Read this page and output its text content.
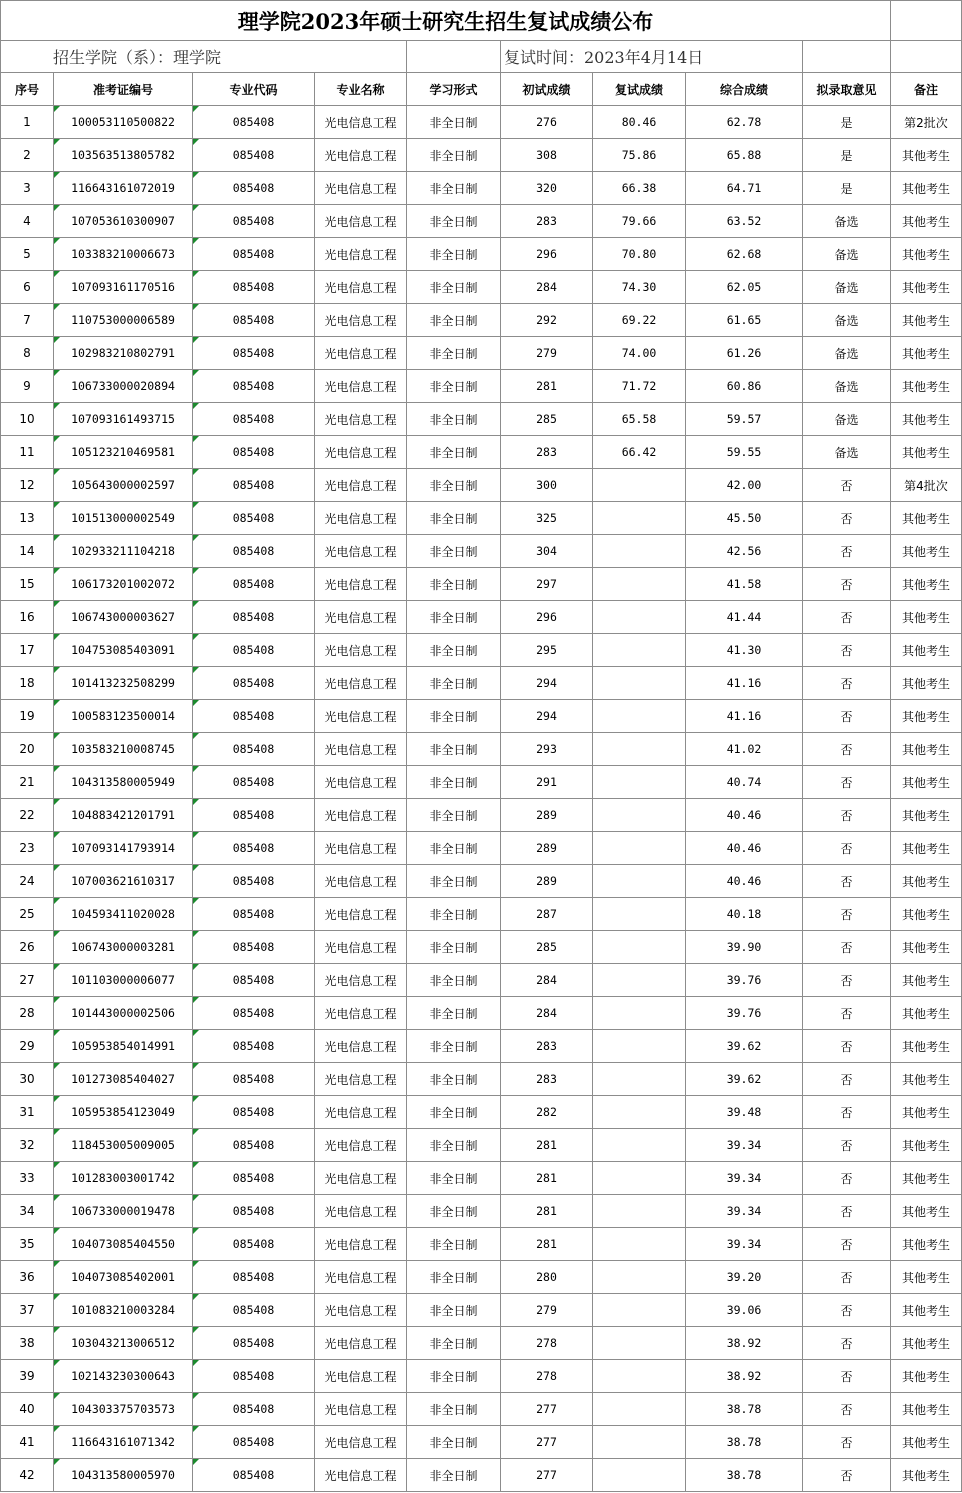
理学院2023年硕士研究生招生复试成绩公布									
招生学院（系）：理学院					复试时间：2023年4月14日				
序号	准考证编号	专业代码	专业名称	学习形式	初试成绩	复试成绩	综合成绩	拟录取意见	备注
1	100053110500822	085408	光电信息工程	非全日制	276	80.46	62.78	是	第2批次
2	103563513805782	085408	光电信息工程	非全日制	308	75.86	65.88	是	其他考生
3	116643161072019	085408	光电信息工程	非全日制	320	66.38	64.71	是	其他考生
4	107053610300907	085408	光电信息工程	非全日制	283	79.66	63.52	备选	其他考生
5	103383210006673	085408	光电信息工程	非全日制	296	70.80	62.68	备选	其他考生
6	107093161170516	085408	光电信息工程	非全日制	284	74.30	62.05	备选	其他考生
7	110753000006589	085408	光电信息工程	非全日制	292	69.22	61.65	备选	其他考生
8	102983210802791	085408	光电信息工程	非全日制	279	74.00	61.26	备选	其他考生
9	106733000020894	085408	光电信息工程	非全日制	281	71.72	60.86	备选	其他考生
10	107093161493715	085408	光电信息工程	非全日制	285	65.58	59.57	备选	其他考生
11	105123210469581	085408	光电信息工程	非全日制	283	66.42	59.55	备选	其他考生
12	105643000002597	085408	光电信息工程	非全日制	300		42.00	否	第4批次
13	101513000002549	085408	光电信息工程	非全日制	325		45.50	否	其他考生
14	102933211104218	085408	光电信息工程	非全日制	304		42.56	否	其他考生
15	106173201002072	085408	光电信息工程	非全日制	297		41.58	否	其他考生
16	106743000003627	085408	光电信息工程	非全日制	296		41.44	否	其他考生
17	104753085403091	085408	光电信息工程	非全日制	295		41.30	否	其他考生
18	101413232508299	085408	光电信息工程	非全日制	294		41.16	否	其他考生
19	100583123500014	085408	光电信息工程	非全日制	294		41.16	否	其他考生
20	103583210008745	085408	光电信息工程	非全日制	293		41.02	否	其他考生
21	104313580005949	085408	光电信息工程	非全日制	291		40.74	否	其他考生
22	104883421201791	085408	光电信息工程	非全日制	289		40.46	否	其他考生
23	107093141793914	085408	光电信息工程	非全日制	289		40.46	否	其他考生
24	107003621610317	085408	光电信息工程	非全日制	289		40.46	否	其他考生
25	104593411020028	085408	光电信息工程	非全日制	287		40.18	否	其他考生
26	106743000003281	085408	光电信息工程	非全日制	285		39.90	否	其他考生
27	101103000006077	085408	光电信息工程	非全日制	284		39.76	否	其他考生
28	101443000002506	085408	光电信息工程	非全日制	284		39.76	否	其他考生
29	105953854014991	085408	光电信息工程	非全日制	283		39.62	否	其他考生
30	101273085404027	085408	光电信息工程	非全日制	283		39.62	否	其他考生
31	105953854123049	085408	光电信息工程	非全日制	282		39.48	否	其他考生
32	118453005009005	085408	光电信息工程	非全日制	281		39.34	否	其他考生
33	101283003001742	085408	光电信息工程	非全日制	281		39.34	否	其他考生
34	106733000019478	085408	光电信息工程	非全日制	281		39.34	否	其他考生
35	104073085404550	085408	光电信息工程	非全日制	281		39.34	否	其他考生
36	104073085402001	085408	光电信息工程	非全日制	280		39.20	否	其他考生
37	101083210003284	085408	光电信息工程	非全日制	279		39.06	否	其他考生
38	103043213006512	085408	光电信息工程	非全日制	278		38.92	否	其他考生
39	102143230300643	085408	光电信息工程	非全日制	278		38.92	否	其他考生
40	104303375703573	085408	光电信息工程	非全日制	277		38.78	否	其他考生
41	116643161071342	085408	光电信息工程	非全日制	277		38.78	否	其他考生
42	104313580005970	085408	光电信息工程	非全日制	277		38.78	否	其他考生
